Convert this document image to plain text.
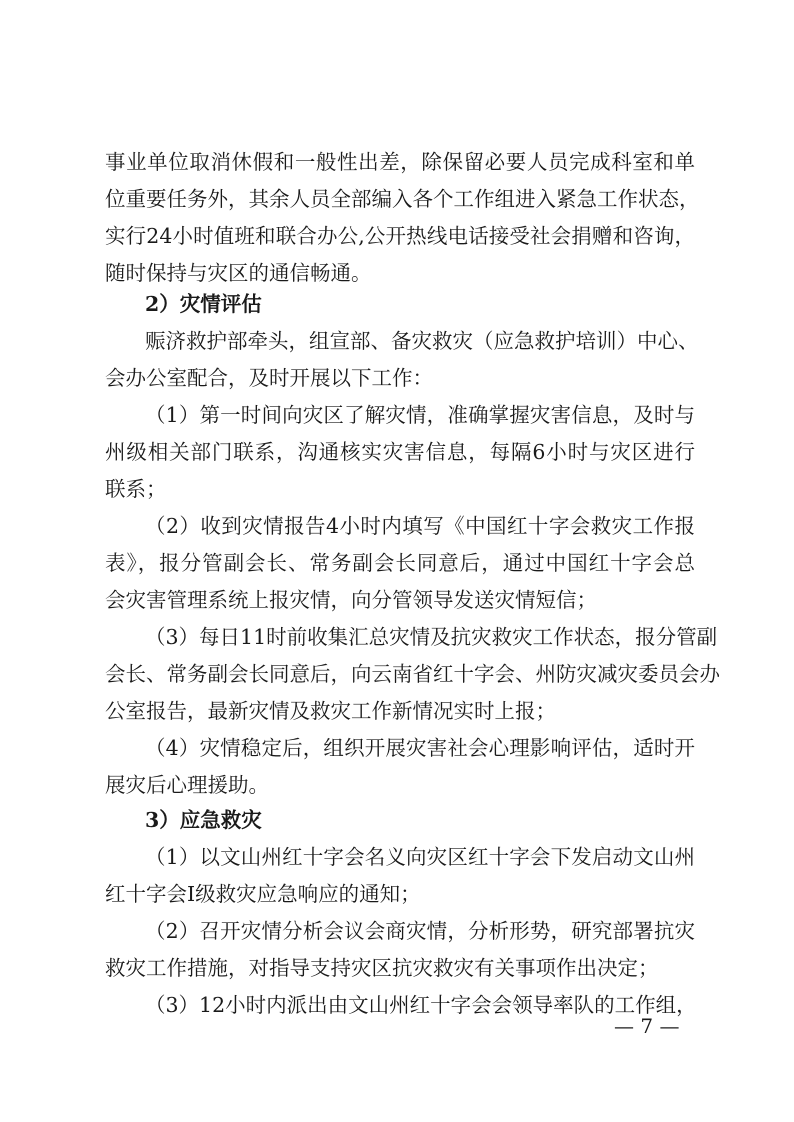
事业单位取消休假和一般性出差，除保留必要人员完成科室和单
位重要任务外，其余人员全部编入各个工作组进入紧急工作状态，
实行24小时值班和联合办公,公开热线电话接受社会捐赠和咨询，
随时保持与灾区的通信畅通。
2）灾情评估
赈济救护部牵头，组宣部、备灾救灾（应急救护培训）中心、
会办公室配合，及时开展以下工作：
（1）第一时间向灾区了解灾情，准确掌握灾害信息，及时与
州级相关部门联系，沟通核实灾害信息，每隔6小时与灾区进行
联系；
（2）收到灾情报告4小时内填写《中国红十字会救灾工作报
表》，报分管副会长、常务副会长同意后，通过中国红十字会总
会灾害管理系统上报灾情，向分管领导发送灾情短信；
（3）每日11时前收集汇总灾情及抗灾救灾工作状态，报分管副
会长、常务副会长同意后，向云南省红十字会、州防灾减灾委员会办
公室报告，最新灾情及救灾工作新情况实时上报；
（4）灾情稳定后，组织开展灾害社会心理影响评估，适时开
展灾后心理援助。
3）应急救灾
（1）以文山州红十字会名义向灾区红十字会下发启动文山州
红十字会Ⅰ级救灾应急响应的通知；
（2）召开灾情分析会议会商灾情，分析形势，研究部署抗灾
救灾工作措施，对指导支持灾区抗灾救灾有关事项作出决定；
（3）12小时内派出由文山州红十字会会领导率队的工作组，
— 7 —
